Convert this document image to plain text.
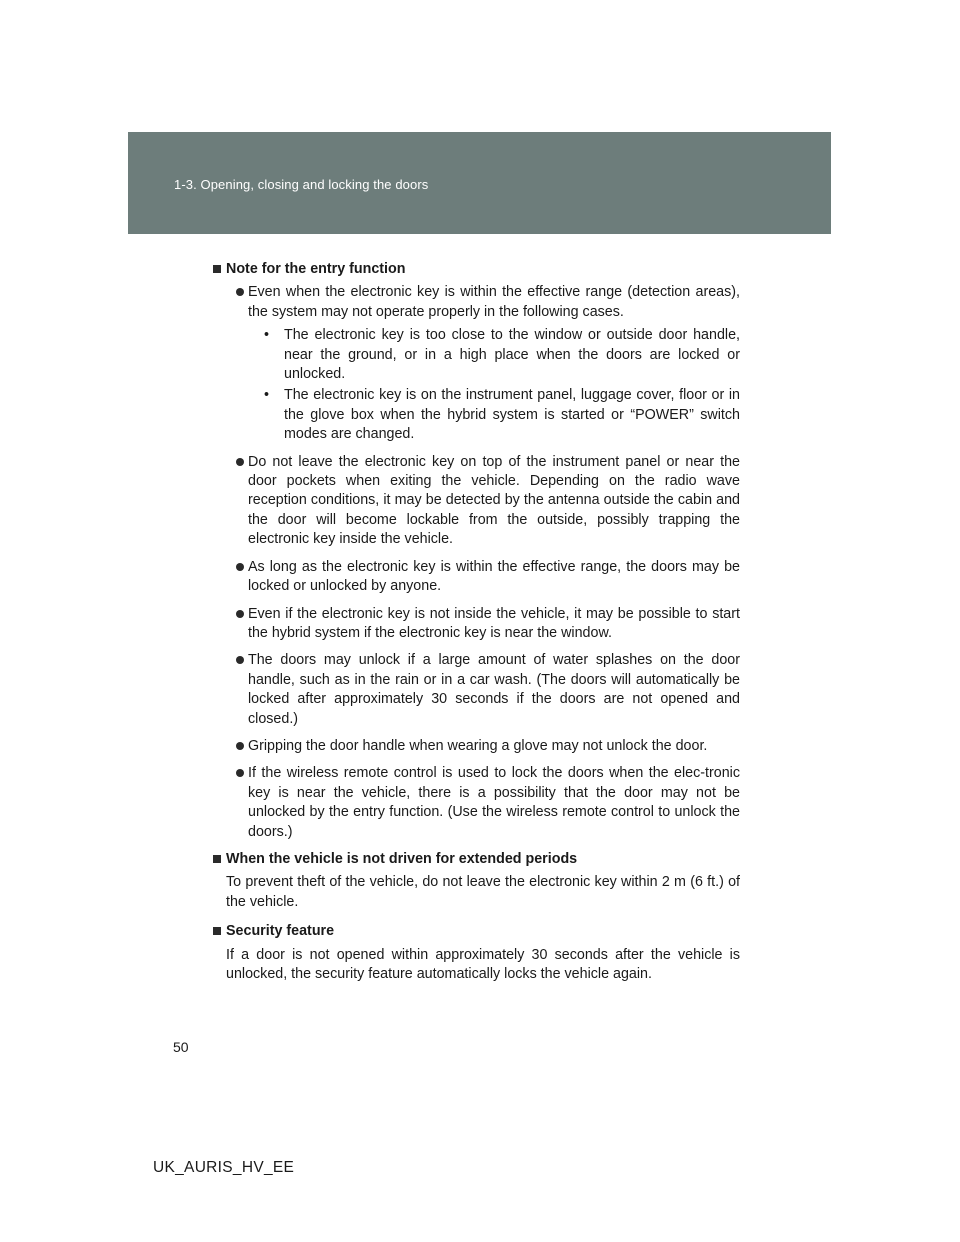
1-3. Opening, closing and locking the doors
Note for the entry function
Even when the electronic key is within the effective range (detection areas), the system may not operate properly in the following cases.
• The electronic key is too close to the window or outside door handle, near the ground, or in a high place when the doors are locked or unlocked.
• The electronic key is on the instrument panel, luggage cover, floor or in the glove box when the hybrid system is started or “POWER” switch modes are changed.
Do not leave the electronic key on top of the instrument panel or near the door pockets when exiting the vehicle. Depending on the radio wave reception conditions, it may be detected by the antenna outside the cabin and the door will become lockable from the outside, possibly trapping the electronic key inside the vehicle.
As long as the electronic key is within the effective range, the doors may be locked or unlocked by anyone.
Even if the electronic key is not inside the vehicle, it may be possible to start the hybrid system if the electronic key is near the window.
The doors may unlock if a large amount of water splashes on the door handle, such as in the rain or in a car wash. (The doors will automatically be locked after approximately 30 seconds if the doors are not opened and closed.)
Gripping the door handle when wearing a glove may not unlock the door.
If the wireless remote control is used to lock the doors when the elec-tronic key is near the vehicle, there is a possibility that the door may not be unlocked by the entry function. (Use the wireless remote control to unlock the doors.)
When the vehicle is not driven for extended periods
To prevent theft of the vehicle, do not leave the electronic key within 2 m (6 ft.) of the vehicle.
Security feature
If a door is not opened within approximately 30 seconds after the vehicle is unlocked, the security feature automatically locks the vehicle again.
50
UK_AURIS_HV_EE
